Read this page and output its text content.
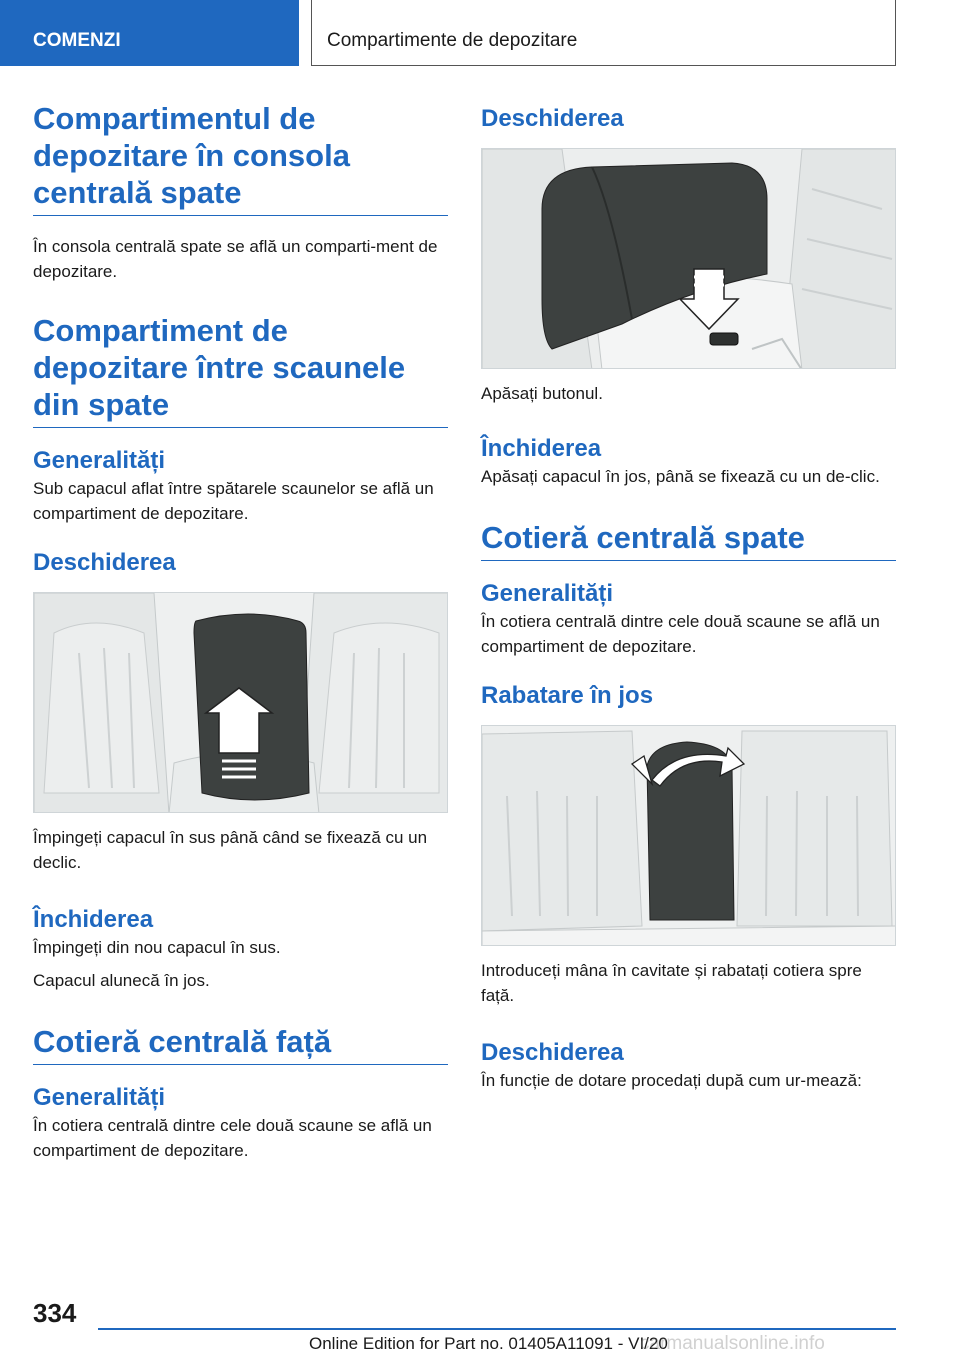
COMENZI	Compartimente de depozitare
Compartimentul de depozitare în consola centrală spate

În consola centrală spate se află un comparti-ment de depozitare.

Compartiment de depozitare între scaunele din spate
Generalități

Sub capacul aflat între spătarele scaunelor se află un compartiment de depozitare.

Deschiderea

Împingeți capacul în sus până când se fixează cu un declic.

Închiderea

Împingeți din nou capacul în sus.

Capacul alunecă în jos.

Cotieră centrală față
Generalități

În cotiera centrală dintre cele două scaune se află un compartiment de depozitare.

Deschiderea

Apăsați butonul.

Închiderea

Apăsați capacul în jos, până se fixează cu un de-clic.

Cotieră centrală spate
Generalități

În cotiera centrală dintre cele două scaune se află un compartiment de depozitare.

Rabatare în jos

Introduceți mâna în cavitate și rabatați cotiera spre față.

Deschiderea

În funcție de dotare procedați după cum ur-mează:

334
Online Edition for Part no. 01405A11091 - VI/20
carmanualsonline.info
